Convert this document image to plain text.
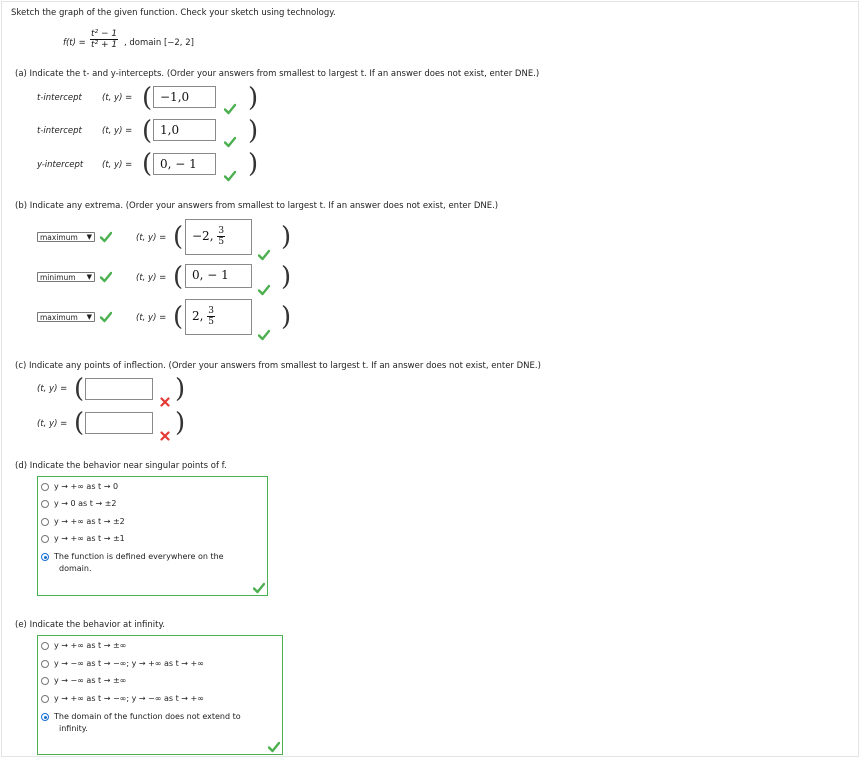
Sketch the graph of the given function. Check your sketch using technology.
$f(t) = \frac{\text{t² − 1}}{\text{t² + 1}}$ , domain [−2, 2]
(a) Indicate the t- and y-intercepts. (Order your answers from smallest to largest t. If an answer does not exist, enter DNE.)
t-intercept (t, y) = ( −1,0	)
t-intercept (t, y) = ( 1,0	)
y-intercept (t, y) = ( 0, − 1	)
(b) Indicate any extrema. (Order your answers from smallest to largest t. If an answer does not exist, enter DNE.)
maximum ▼	(t, y) = ( −2, $\frac{3}{5}$ )
minimum ▼	(t, y) = ( 0, − 1	)
maximum ▼	(t, y) = ( 2, $\frac{3}{5}$	)
(c) Indicate any points of inflection. (Order your answers from smallest to largest t. If an answer does not exist, enter DNE.)
(t, y) = (	)
(t, y) = (	)
(d) Indicate the behavior near singular points of f.
y → +∞ as t → 0
y → 0 as t → ±2
y → +∞ as t → ±2
y → +∞ as t → ±1
The function is defined everywhere on the
domain.
(e) Indicate the behavior at infinity.
y → +∞ as t → ±∞
y → −∞ as t → −∞; y → +∞ as t → +∞
y → −∞ as t → ±∞
y → +∞ as t → −∞; y → −∞ as t → +∞
The domain of the function does not extend to
infinity.
